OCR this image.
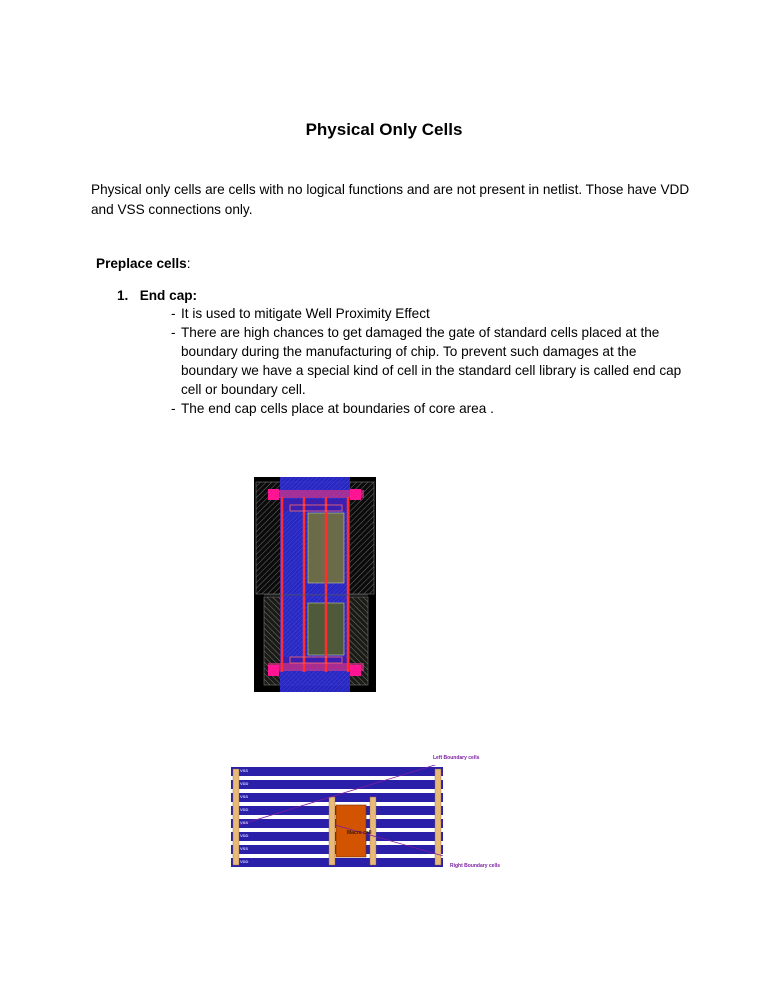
Physical Only Cells
Physical only cells are cells with no logical functions and are not present in netlist. Those have VDD and VSS connections only.
Preplace cells:
1. End cap:
- It is used to mitigate Well Proximity Effect
- There are high chances to get damaged the gate of standard cells placed at the boundary during the manufacturing of chip. To prevent such damages at the boundary we have a special kind of cell in the standard cell library is called end cap cell or boundary cell.
- The end cap cells place at boundaries of core area .
Macro cell
VSS
VDD
VSS
VDD
VSS
VDD
VSS
VDD
Left Boundary cells
Right Boundary cells
